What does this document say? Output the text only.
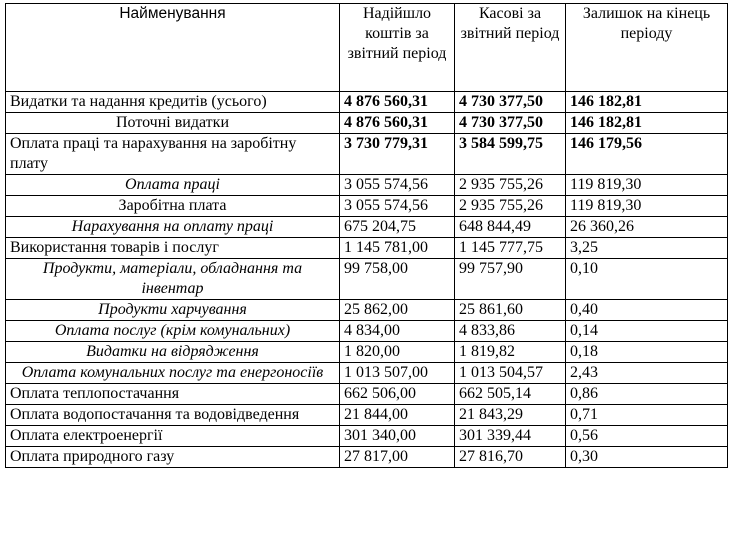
Найменування	Надійшло коштів за звітний період	Касові за звітний період	Залишок на кінець періоду
Видатки та надання кредитів (усього)	4 876 560,31	4 730 377,50	146 182,81
Поточні видатки	4 876 560,31	4 730 377,50	146 182,81
Оплата праці та нарахування на заробітну плату	3 730 779,31	3 584 599,75	146 179,56
Оплата праці	3 055 574,56	2 935 755,26	119 819,30
Заробітна плата	3 055 574,56	2 935 755,26	119 819,30
Нарахування на оплату праці	675 204,75	648 844,49	26 360,26
Використання товарів і послуг	1 145 781,00	1 145 777,75	3,25
Продукти, матеріали, обладнання та інвентар	99 758,00	99 757,90	0,10
Продукти харчування	25 862,00	25 861,60	0,40
Оплата послуг (крім комунальних)	4 834,00	4 833,86	0,14
Видатки на відрядження	1 820,00	1 819,82	0,18
Оплата комунальних послуг та енергоносіїв	1 013 507,00	1 013 504,57	2,43
Оплата теплопостачання	662 506,00	662 505,14	0,86
Оплата водопостачання та водовідведення	21 844,00	21 843,29	0,71
Оплата електроенергії	301 340,00	301 339,44	0,56
Оплата природного газу	27 817,00	27 816,70	0,30
